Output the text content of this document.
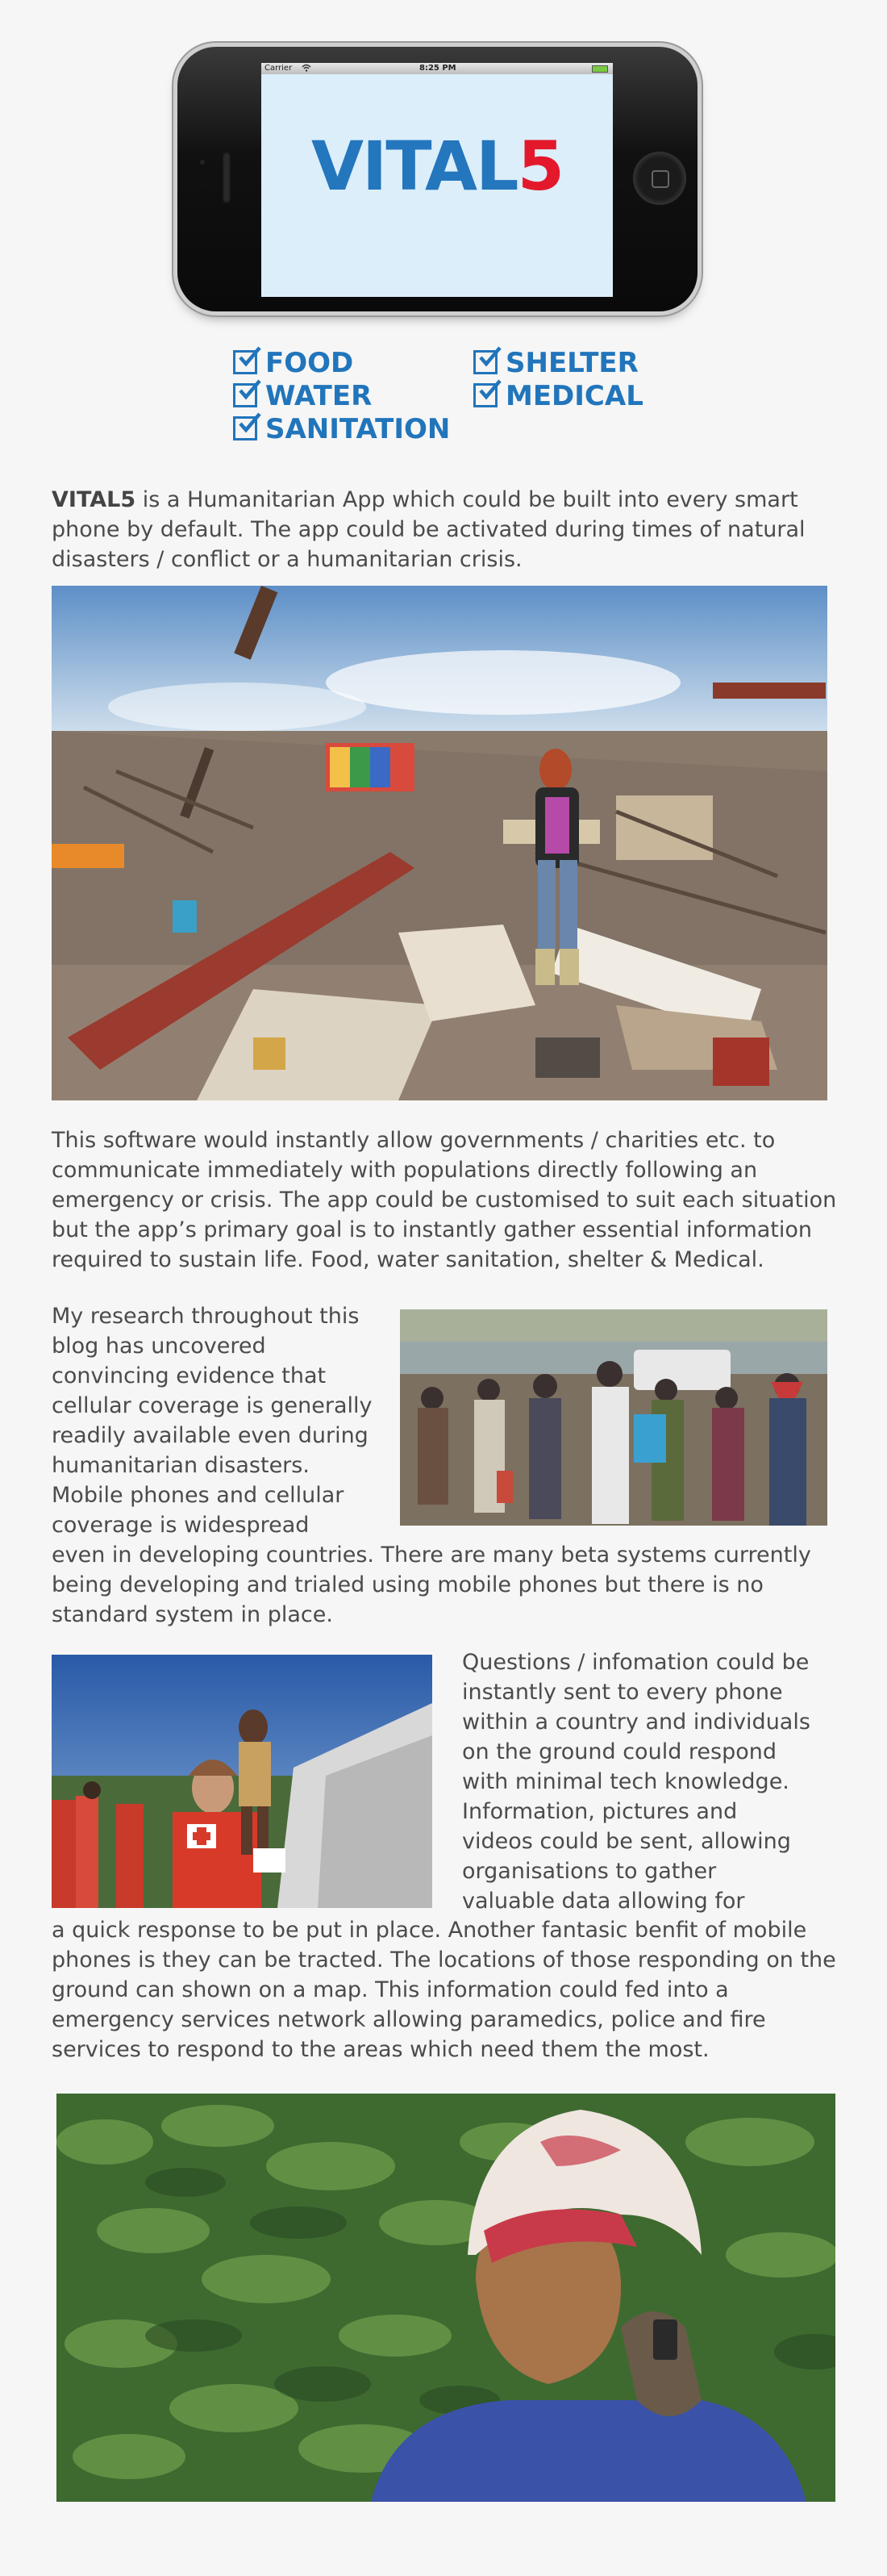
Carrier	8:25 PM
VITAL5
FOOD
WATER
SANITATION
SHELTER
MEDICAL
VITAL5 is a Humanitarian App which could be built into every smart phone by default. The app could be activated during times of natural disasters / conflict or a humanitarian crisis.
This software would instantly allow governments / charities etc. to communicate immediately with populations directly following an emergency or crisis. The app could be customised to suit each situation but the app’s primary goal is to instantly gather essential information required to sustain life. Food, water sanitation, shelter & Medical.
My research throughout this
blog has uncovered
convincing evidence that
cellular coverage is generally
readily available even during
humanitarian disasters.
Mobile phones and cellular
coverage is widespread
even in developing countries. There are many beta systems currently being developing and trialed using mobile phones but there is no standard system in place.
Questions / infomation could be
instantly sent to every phone
within a country and individuals
on the ground could respond
with minimal tech knowledge.
Information, pictures and
videos could be sent, allowing
organisations to gather
valuable data allowing for
a quick response to be put in place. Another fantasic benfit of mobile phones is they can be tracted. The locations of those responding on the ground can shown on a map. This information could fed into a emergency services network allowing paramedics, police and fire services to respond to the areas which need them the most.
